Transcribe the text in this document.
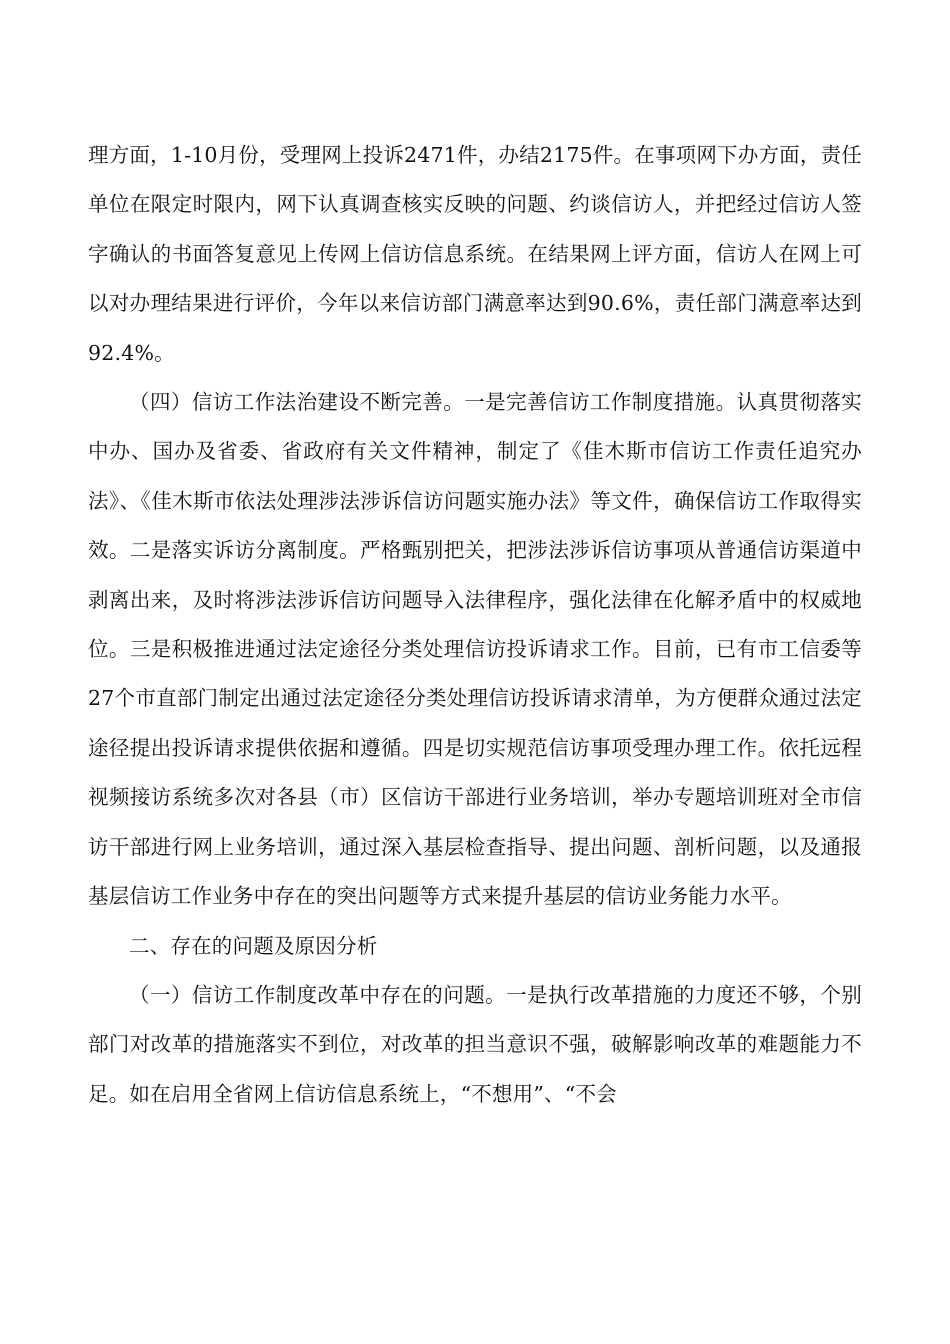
理方面，1-10月份，受理网上投诉2471件，办结2175件。在事项网下办方面，责任单位在限定时限内，网下认真调查核实反映的问题、约谈信访人，并把经过信访人签字确认的书面答复意见上传网上信访信息系统。在结果网上评方面，信访人在网上可以对办理结果进行评价，今年以来信访部门满意率达到90.6%，责任部门满意率达到92.4%。

（四）信访工作法治建设不断完善。一是完善信访工作制度措施。认真贯彻落实中办、国办及省委、省政府有关文件精神，制定了《佳木斯市信访工作责任追究办法》、《佳木斯市依法处理涉法涉诉信访问题实施办法》等文件，确保信访工作取得实效。二是落实诉访分离制度。严格甄别把关，把涉法涉诉信访事项从普通信访渠道中剥离出来，及时将涉法涉诉信访问题导入法律程序，强化法律在化解矛盾中的权威地位。三是积极推进通过法定途径分类处理信访投诉请求工作。目前，已有市工信委等27个市直部门制定出通过法定途径分类处理信访投诉请求清单，为方便群众通过法定途径提出投诉请求提供依据和遵循。四是切实规范信访事项受理办理工作。依托远程视频接访系统多次对各县（市）区信访干部进行业务培训，举办专题培训班对全市信访干部进行网上业务培训，通过深入基层检查指导、提出问题、剖析问题，以及通报基层信访工作业务中存在的突出问题等方式来提升基层的信访业务能力水平。

二、存在的问题及原因分析

（一）信访工作制度改革中存在的问题。一是执行改革措施的力度还不够，个别部门对改革的措施落实不到位，对改革的担当意识不强，破解影响改革的难题能力不足。如在启用全省网上信访信息系统上，“不想用”、“不会
